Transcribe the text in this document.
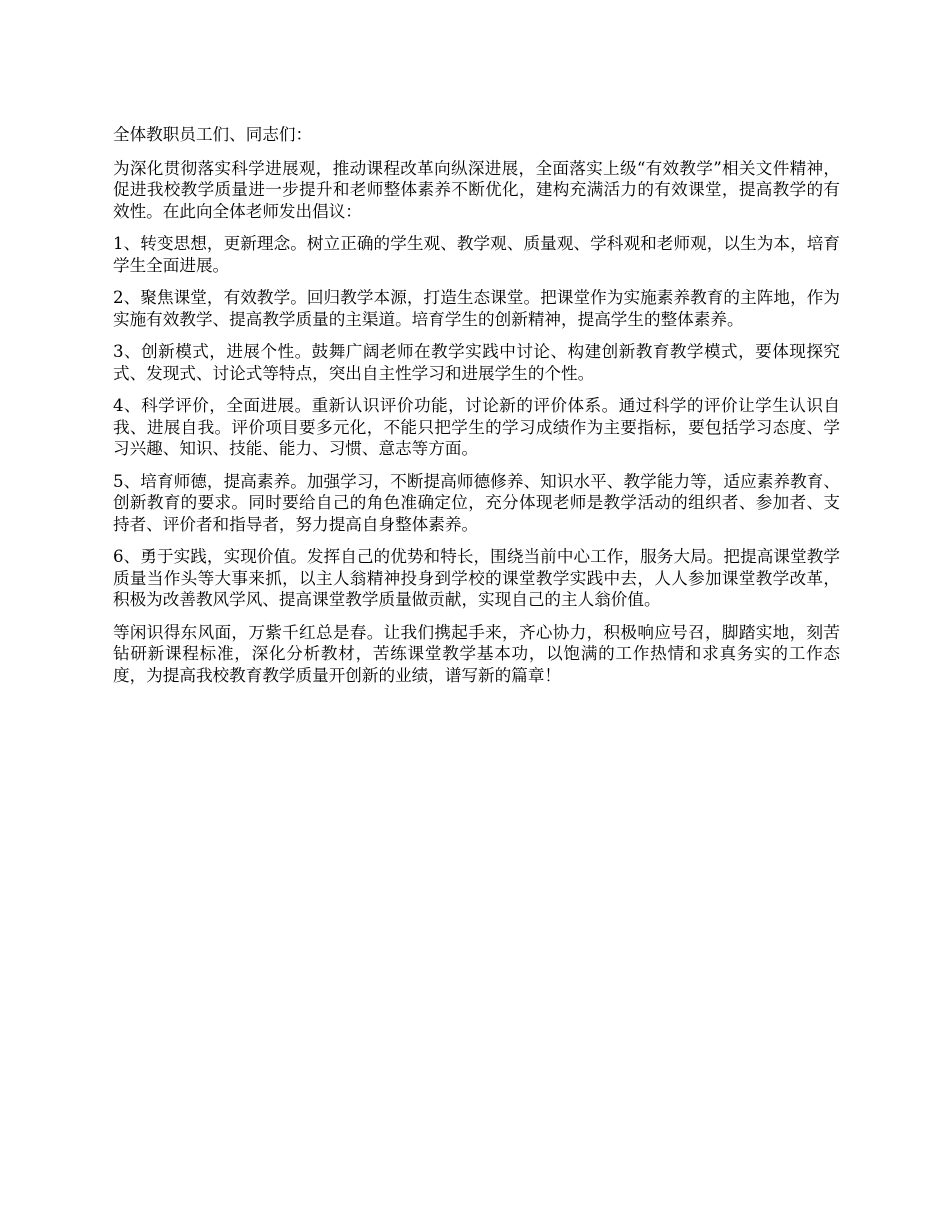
全体教职员工们、同志们：

为深化贯彻落实科学进展观，推动课程改革向纵深进展，全面落实上级“有效教学”相关文件精神，促进我校教学质量进一步提升和老师整体素养不断优化，建构充满活力的有效课堂，提高教学的有效性。在此向全体老师发出倡议：

1、转变思想，更新理念。树立正确的学生观、教学观、质量观、学科观和老师观，以生为本，培育学生全面进展。

2、聚焦课堂，有效教学。回归教学本源，打造生态课堂。把课堂作为实施素养教育的主阵地，作为实施有效教学、提高教学质量的主渠道。培育学生的创新精神，提高学生的整体素养。

3、创新模式，进展个性。鼓舞广阔老师在教学实践中讨论、构建创新教育教学模式，要体现探究式、发现式、讨论式等特点，突出自主性学习和进展学生的个性。

4、科学评价，全面进展。重新认识评价功能，讨论新的评价体系。通过科学的评价让学生认识自我、进展自我。评价项目要多元化，不能只把学生的学习成绩作为主要指标，要包括学习态度、学习兴趣、知识、技能、能力、习惯、意志等方面。

5、培育师德，提高素养。加强学习，不断提高师德修养、知识水平、教学能力等，适应素养教育、创新教育的要求。同时要给自己的角色准确定位，充分体现老师是教学活动的组织者、参加者、支持者、评价者和指导者，努力提高自身整体素养。

6、勇于实践，实现价值。发挥自己的优势和特长，围绕当前中心工作，服务大局。把提高课堂教学质量当作头等大事来抓，以主人翁精神投身到学校的课堂教学实践中去，人人参加课堂教学改革，积极为改善教风学风、提高课堂教学质量做贡献，实现自己的主人翁价值。

等闲识得东风面，万紫千红总是春。让我们携起手来，齐心协力，积极响应号召，脚踏实地，刻苦钻研新课程标准，深化分析教材，苦练课堂教学基本功，以饱满的工作热情和求真务实的工作态度，为提高我校教育教学质量开创新的业绩，谱写新的篇章！
